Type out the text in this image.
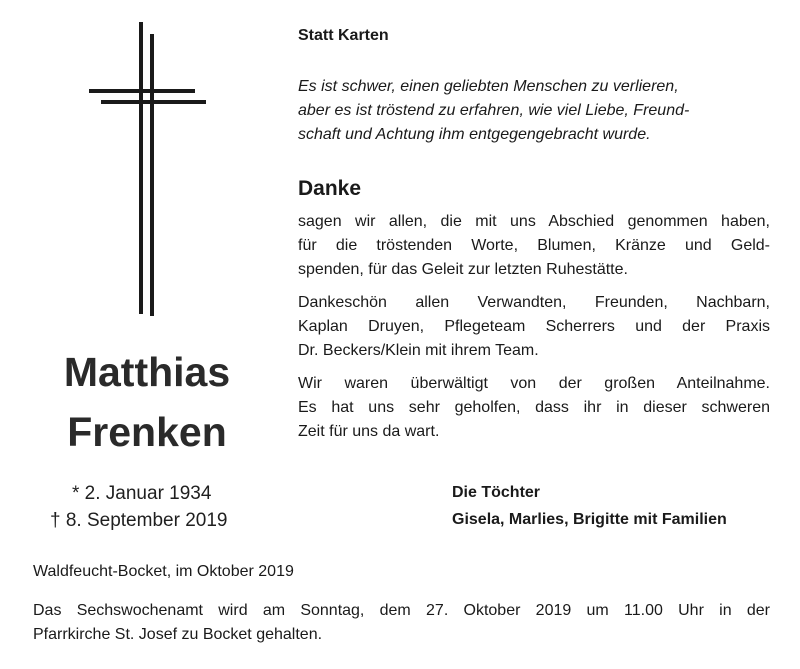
Matthias
Frenken
* 2. Januar 1934
† 8. September 2019
Statt Karten
Es ist schwer, einen geliebten Menschen zu verlieren,
aber es ist tröstend zu erfahren, wie viel Liebe, Freund-
schaft und Achtung ihm entgegengebracht wurde.
Danke
sagen wir allen, die mit uns Abschied genommen haben,
für die tröstenden Worte, Blumen, Kränze und Geld-
spenden, für das Geleit zur letzten Ruhestätte.
Dankeschön allen Verwandten, Freunden, Nachbarn,
Kaplan Druyen, Pflegeteam Scherrers und der Praxis
Dr. Beckers/Klein mit ihrem Team.
Wir waren überwältigt von der großen Anteilnahme.
Es hat uns sehr geholfen, dass ihr in dieser schweren
Zeit für uns da wart.
Die Töchter
Gisela, Marlies, Brigitte mit Familien
Waldfeucht-Bocket, im Oktober 2019
Das Sechswochenamt wird am Sonntag, dem 27. Oktober 2019 um 11.00 Uhr in der
Pfarrkirche St. Josef zu Bocket gehalten.
